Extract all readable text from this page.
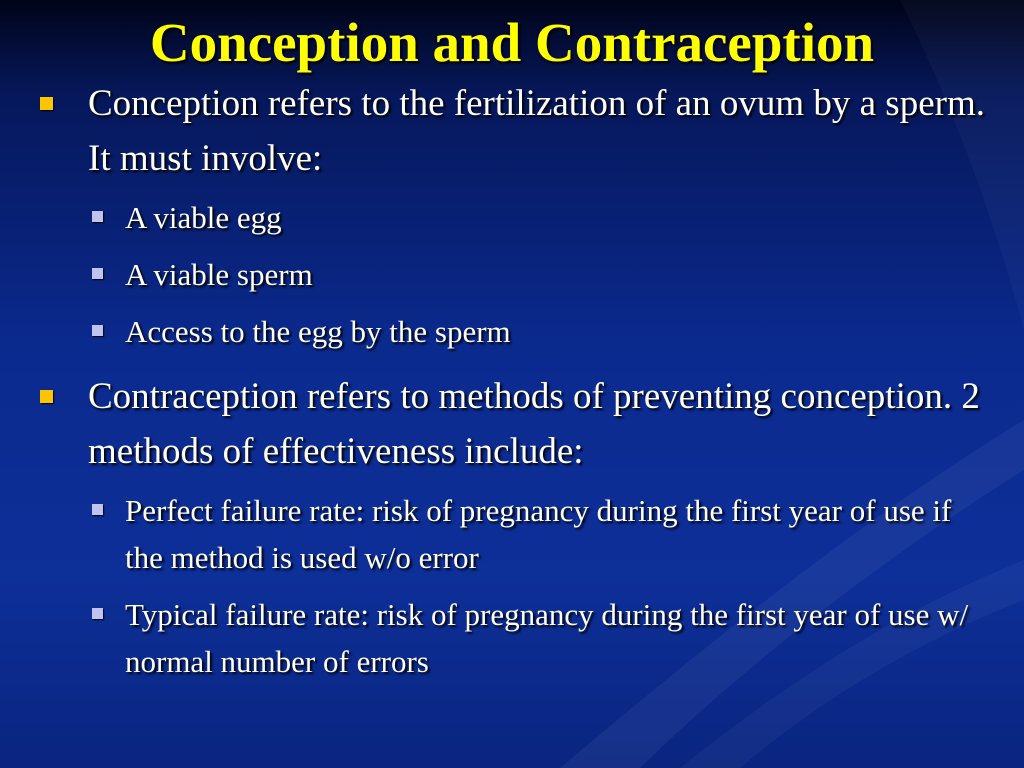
Conception and Contraception
Conception refers to the fertilization of an ovum by a sperm. It must involve:
A viable egg
A viable sperm
Access to the egg by the sperm
Contraception refers to methods of preventing conception. 2 methods of effectiveness include:
Perfect failure rate: risk of pregnancy during the first year of use if the method is used w/o error
Typical failure rate: risk of pregnancy during the first year of use w/ normal number of errors
